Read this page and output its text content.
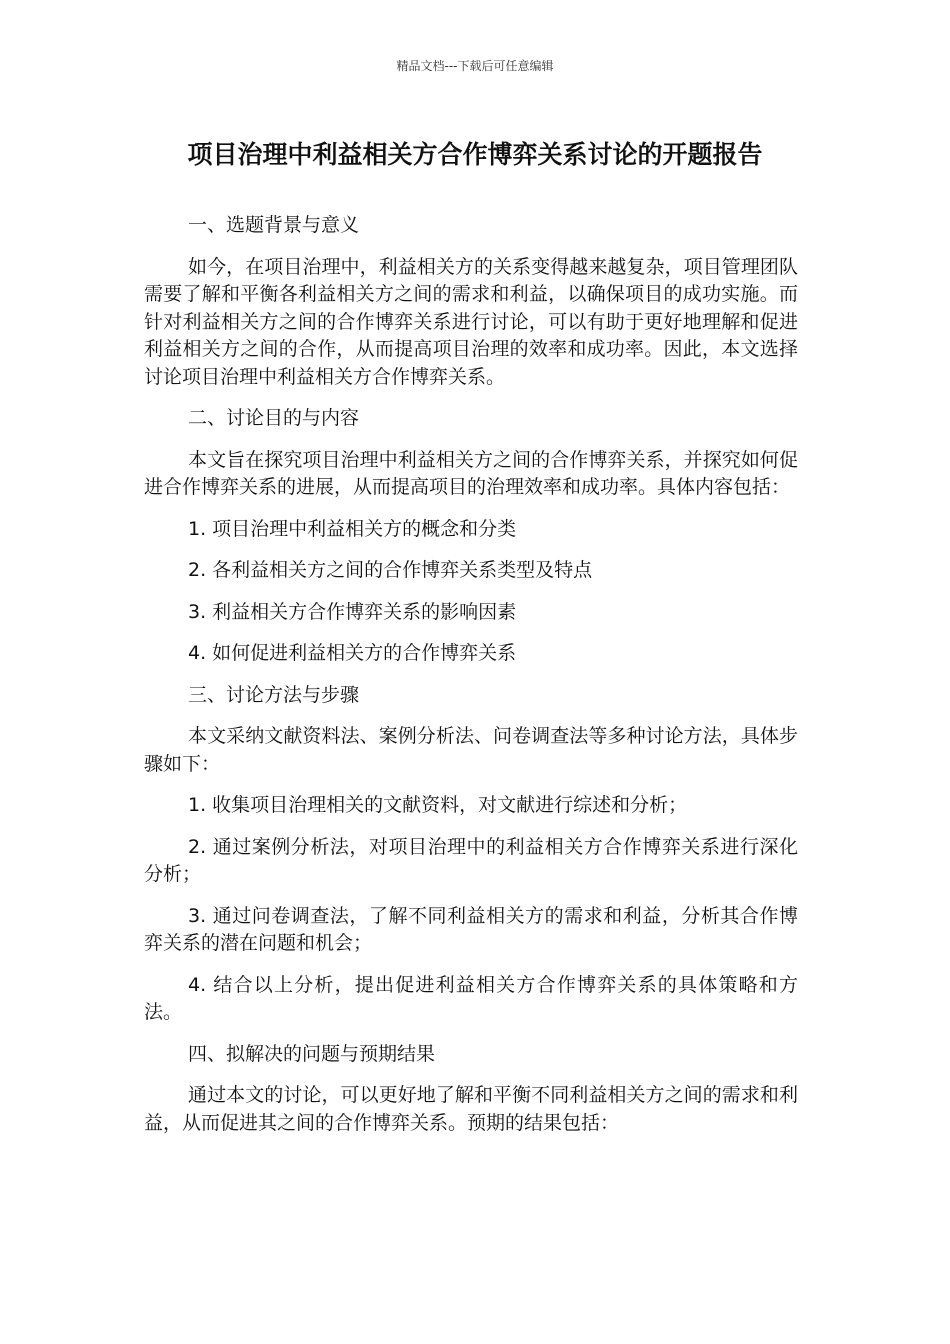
精品文档---下载后可任意编辑
项目治理中利益相关方合作博弈关系讨论的开题报告

一、选题背景与意义

如今，在项目治理中，利益相关方的关系变得越来越复杂，项目管理团队需要了解和平衡各利益相关方之间的需求和利益，以确保项目的成功实施。而针对利益相关方之间的合作博弈关系进行讨论，可以有助于更好地理解和促进利益相关方之间的合作，从而提高项目治理的效率和成功率。因此，本文选择讨论项目治理中利益相关方合作博弈关系。

二、讨论目的与内容

本文旨在探究项目治理中利益相关方之间的合作博弈关系，并探究如何促进合作博弈关系的进展，从而提高项目的治理效率和成功率。具体内容包括：

1. 项目治理中利益相关方的概念和分类

2. 各利益相关方之间的合作博弈关系类型及特点

3. 利益相关方合作博弈关系的影响因素

4. 如何促进利益相关方的合作博弈关系

三、讨论方法与步骤

本文采纳文献资料法、案例分析法、问卷调查法等多种讨论方法，具体步骤如下：

1. 收集项目治理相关的文献资料，对文献进行综述和分析；

2. 通过案例分析法，对项目治理中的利益相关方合作博弈关系进行深化分析；

3. 通过问卷调查法，了解不同利益相关方的需求和利益，分析其合作博弈关系的潜在问题和机会；

4. 结合以上分析，提出促进利益相关方合作博弈关系的具体策略和方法。

四、拟解决的问题与预期结果

通过本文的讨论，可以更好地了解和平衡不同利益相关方之间的需求和利益，从而促进其之间的合作博弈关系。预期的结果包括：
